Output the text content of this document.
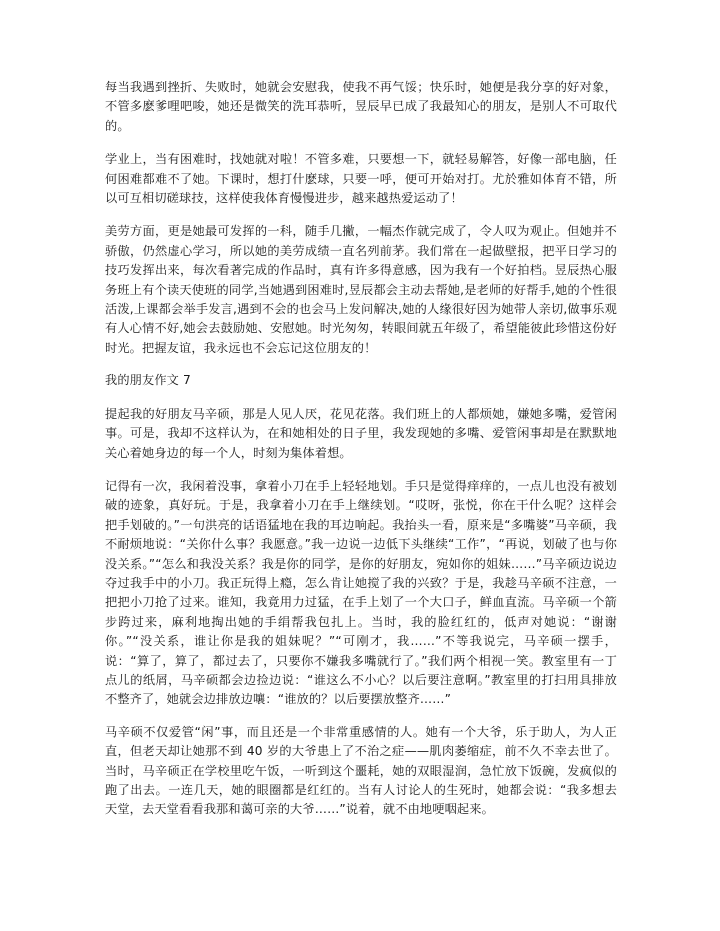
每当我遇到挫折、失败时，她就会安慰我，使我不再气馁；快乐时，她便是我分享的好对象，不管多麽爹哩吧唆，她还是微笑的洗耳恭听，昱辰早已成了我最知心的朋友，是别人不可取代的。

学业上，当有困难时，找她就对啦！不管多难，只要想一下，就轻易解答，好像一部电脑，任何困难都难不了她。下课时，想打什麽球，只要一呼，便可开始对打。尤於雅如体育不错，所以可互相切磋球技，这样使我体育慢慢进步，越来越热爱运动了！

美劳方面，更是她最可发挥的一科，随手几撇，一幅杰作就完成了，令人叹为观止。但她并不骄傲，仍然虚心学习，所以她的美劳成绩一直名列前茅。我们常在一起做壁报，把平日学习的技巧发挥出来，每次看著完成的作品时，真有许多得意感，因为我有一个好拍档。昱辰热心服务班上有个读天使班的同学,当她遇到困难时,昱辰都会主动去帮她,是老师的好帮手,她的个性很活泼,上课都会举手发言,遇到不会的也会马上发问解决,她的人缘很好因为她带人亲切,做事乐观有人心情不好,她会去鼓励她、安慰她。时光匆匆，转眼间就五年级了，希望能彼此珍惜这份好时光。把握友谊，我永远也不会忘记这位朋友的！

我的朋友作文 7

提起我的好朋友马辛硕，那是人见人厌，花见花落。我们班上的人都烦她，嫌她多嘴，爱管闲事。可是，我却不这样认为，在和她相处的日子里，我发现她的多嘴、爱管闲事却是在默默地关心着她身边的每一个人，时刻为集体着想。

记得有一次，我闲着没事，拿着小刀在手上轻轻地划。手只是觉得痒痒的，一点儿也没有被划破的迹象，真好玩。于是，我拿着小刀在手上继续划。“哎呀，张悦，你在干什么呢？这样会把手划破的。”一句洪亮的话语猛地在我的耳边响起。我抬头一看，原来是“多嘴婆”马辛硕，我不耐烦地说：“关你什么事？我愿意。”我一边说一边低下头继续“工作”，“再说，划破了也与你没关系。”“怎么和我没关系？我是你的同学，是你的好朋友，宛如你的姐妹……”马辛硕边说边夺过我手中的小刀。我正玩得上瘾，怎么肯让她搅了我的兴致？于是，我趁马辛硕不注意，一把把小刀抢了过来。谁知，我竟用力过猛，在手上划了一个大口子，鲜血直流。马辛硕一个箭步跨过来，麻利地掏出她的手绢帮我包扎上。当时，我的脸红红的，低声对她说：“谢谢你。”“没关系，谁让你是我的姐妹呢？”“可刚才，我……”不等我说完，马辛硕一摆手，说：“算了，算了，都过去了，只要你不嫌我多嘴就行了。”我们两个相视一笑。教室里有一丁点儿的纸屑，马辛硕都会边捡边说：“谁这么不小心？以后要注意啊。”教室里的打扫用具排放不整齐了，她就会边排放边嚷：“谁放的？以后要摆放整齐……”

马辛硕不仅爱管“闲”事，而且还是一个非常重感情的人。她有一个大爷，乐于助人，为人正直，但老天却让她那不到 40 岁的大爷患上了不治之症——肌肉萎缩症，前不久不幸去世了。当时，马辛硕正在学校里吃午饭，一听到这个噩耗，她的双眼湿润，急忙放下饭碗，发疯似的跑了出去。一连几天，她的眼圈都是红红的。当有人讨论人的生死时，她都会说：“我多想去天堂，去天堂看看我那和蔼可亲的大爷……”说着，就不由地哽咽起来。
